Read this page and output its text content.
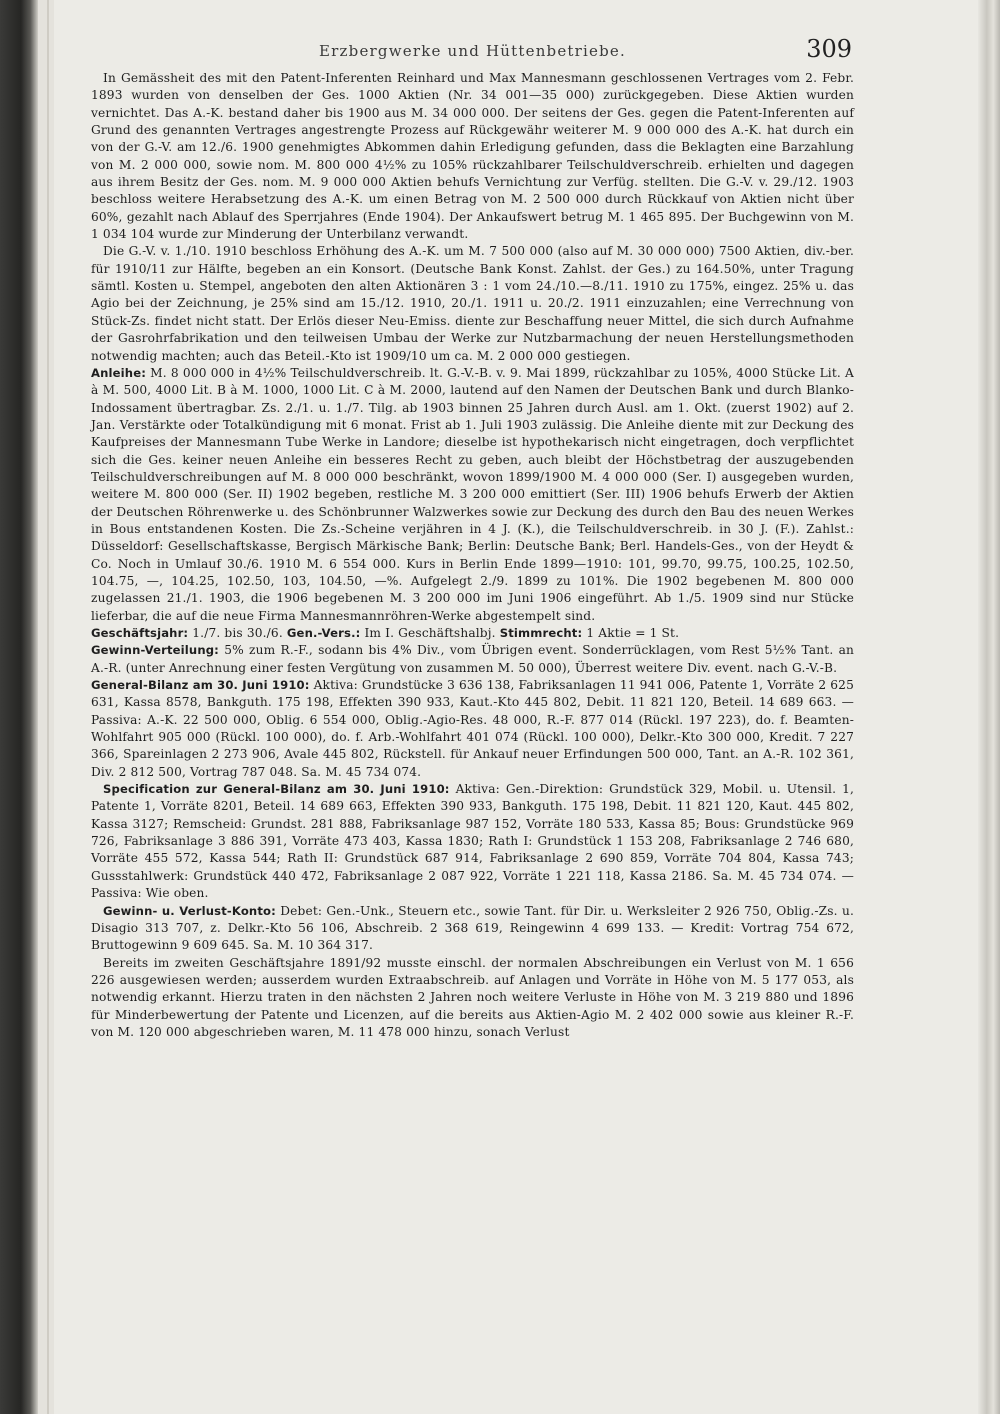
Erzbergwerke und Hüttenbetriebe.	309

In Gemässheit des mit den Patent-Inferenten Reinhard und Max Mannesmann geschlossenen Vertrages vom 2. Febr. 1893 wurden von denselben der Ges. 1000 Aktien (Nr. 34 001—35 000) zurückgegeben. Diese Aktien wurden vernichtet. Das A.-K. bestand daher bis 1900 aus M. 34 000 000. Der seitens der Ges. gegen die Patent-Inferenten auf Grund des genannten Vertrages angestrengte Prozess auf Rückgewähr weiterer M. 9 000 000 des A.-K. hat durch ein von der G.-V. am 12./6. 1900 genehmigtes Abkommen dahin Erledigung gefunden, dass die Beklagten eine Barzahlung von M. 2 000 000, sowie nom. M. 800 000 4½% zu 105% rückzahlbarer Teilschuldverschreib. erhielten und dagegen aus ihrem Besitz der Ges. nom. M. 9 000 000 Aktien behufs Vernichtung zur Verfüg. stellten. Die G.-V. v. 29./12. 1903 beschloss weitere Herabsetzung des A.-K. um einen Betrag von M. 2 500 000 durch Rückkauf von Aktien nicht über 60%, gezahlt nach Ablauf des Sperrjahres (Ende 1904). Der Ankaufswert betrug M. 1 465 895. Der Buchgewinn von M. 1 034 104 wurde zur Minderung der Unterbilanz verwandt.

Die G.-V. v. 1./10. 1910 beschloss Erhöhung des A.-K. um M. 7 500 000 (also auf M. 30 000 000) 7500 Aktien, div.-ber. für 1910/11 zur Hälfte, begeben an ein Konsort. (Deutsche Bank Konst. Zahlst. der Ges.) zu 164.50%, unter Tragung sämtl. Kosten u. Stempel, angeboten den alten Aktionären 3 : 1 vom 24./10.—8./11. 1910 zu 175%, eingez. 25% u. das Agio bei der Zeichnung, je 25% sind am 15./12. 1910, 20./1. 1911 u. 20./2. 1911 einzuzahlen; eine Verrechnung von Stück-Zs. findet nicht statt. Der Erlös dieser Neu-Emiss. diente zur Beschaffung neuer Mittel, die sich durch Aufnahme der Gasrohrfabrikation und den teilweisen Umbau der Werke zur Nutzbarmachung der neuen Herstellungsmethoden notwendig machten; auch das Beteil.-Kto ist 1909/10 um ca. M. 2 000 000 gestiegen.

Anleihe: M. 8 000 000 in 4½% Teilschuldverschreib. lt. G.-V.-B. v. 9. Mai 1899, rückzahlbar zu 105%, 4000 Stücke Lit. A à M. 500, 4000 Lit. B à M. 1000, 1000 Lit. C à M. 2000, lautend auf den Namen der Deutschen Bank und durch Blanko-Indossament übertragbar. Zs. 2./1. u. 1./7. Tilg. ab 1903 binnen 25 Jahren durch Ausl. am 1. Okt. (zuerst 1902) auf 2. Jan. Verstärkte oder Totalkündigung mit 6 monat. Frist ab 1. Juli 1903 zulässig. Die Anleihe diente mit zur Deckung des Kaufpreises der Mannesmann Tube Werke in Landore; dieselbe ist hypothekarisch nicht eingetragen, doch verpflichtet sich die Ges. keiner neuen Anleihe ein besseres Recht zu geben, auch bleibt der Höchstbetrag der auszugebenden Teilschuldverschreibungen auf M. 8 000 000 beschränkt, wovon 1899/1900 M. 4 000 000 (Ser. I) ausgegeben wurden, weitere M. 800 000 (Ser. II) 1902 begeben, restliche M. 3 200 000 emittiert (Ser. III) 1906 behufs Erwerb der Aktien der Deutschen Röhrenwerke u. des Schönbrunner Walzwerkes sowie zur Deckung des durch den Bau des neuen Werkes in Bous entstandenen Kosten. Die Zs.-Scheine verjähren in 4 J. (K.), die Teilschuldverschreib. in 30 J. (F.). Zahlst.: Düsseldorf: Gesellschaftskasse, Bergisch Märkische Bank; Berlin: Deutsche Bank; Berl. Handels-Ges., von der Heydt & Co. Noch in Umlauf 30./6. 1910 M. 6 554 000. Kurs in Berlin Ende 1899—1910: 101, 99.70, 99.75, 100.25, 102.50, 104.75, —, 104.25, 102.50, 103, 104.50, —%. Aufgelegt 2./9. 1899 zu 101%. Die 1902 begebenen M. 800 000 zugelassen 21./1. 1903, die 1906 begebenen M. 3 200 000 im Juni 1906 eingeführt. Ab 1./5. 1909 sind nur Stücke lieferbar, die auf die neue Firma Mannesmannröhren-Werke abgestempelt sind.

Geschäftsjahr: 1./7. bis 30./6. Gen.-Vers.: Im I. Geschäftshalbj. Stimmrecht: 1 Aktie = 1 St.

Gewinn-Verteilung: 5% zum R.-F., sodann bis 4% Div., vom Übrigen event. Sonderrücklagen, vom Rest 5½% Tant. an A.-R. (unter Anrechnung einer festen Vergütung von zusammen M. 50 000), Überrest weitere Div. event. nach G.-V.-B.

General-Bilanz am 30. Juni 1910: Aktiva: Grundstücke 3 636 138, Fabriksanlagen 11 941 006, Patente 1, Vorräte 2 625 631, Kassa 8578, Bankguth. 175 198, Effekten 390 933, Kaut.-Kto 445 802, Debit. 11 821 120, Beteil. 14 689 663. — Passiva: A.-K. 22 500 000, Oblig. 6 554 000, Oblig.-Agio-Res. 48 000, R.-F. 877 014 (Rückl. 197 223), do. f. Beamten-Wohlfahrt 905 000 (Rückl. 100 000), do. f. Arb.-Wohlfahrt 401 074 (Rückl. 100 000), Delkr.-Kto 300 000, Kredit. 7 227 366, Spareinlagen 2 273 906, Avale 445 802, Rückstell. für Ankauf neuer Erfindungen 500 000, Tant. an A.-R. 102 361, Div. 2 812 500, Vortrag 787 048. Sa. M. 45 734 074.

Specification zur General-Bilanz am 30. Juni 1910: Aktiva: Gen.-Direktion: Grundstück 329, Mobil. u. Utensil. 1, Patente 1, Vorräte 8201, Beteil. 14 689 663, Effekten 390 933, Bankguth. 175 198, Debit. 11 821 120, Kaut. 445 802, Kassa 3127; Remscheid: Grundst. 281 888, Fabriksanlage 987 152, Vorräte 180 533, Kassa 85; Bous: Grundstücke 969 726, Fabriksanlage 3 886 391, Vorräte 473 403, Kassa 1830; Rath I: Grundstück 1 153 208, Fabriksanlage 2 746 680, Vorräte 455 572, Kassa 544; Rath II: Grundstück 687 914, Fabriksanlage 2 690 859, Vorräte 704 804, Kassa 743; Gussstahlwerk: Grundstück 440 472, Fabriksanlage 2 087 922, Vorräte 1 221 118, Kassa 2186. Sa. M. 45 734 074. — Passiva: Wie oben.

Gewinn- u. Verlust-Konto: Debet: Gen.-Unk., Steuern etc., sowie Tant. für Dir. u. Werksleiter 2 926 750, Oblig.-Zs. u. Disagio 313 707, z. Delkr.-Kto 56 106, Abschreib. 2 368 619, Reingewinn 4 699 133. — Kredit: Vortrag 754 672, Bruttogewinn 9 609 645. Sa. M. 10 364 317.

Bereits im zweiten Geschäftsjahre 1891/92 musste einschl. der normalen Abschreibungen ein Verlust von M. 1 656 226 ausgewiesen werden; ausserdem wurden Extraabschreib. auf Anlagen und Vorräte in Höhe von M. 5 177 053, als notwendig erkannt. Hierzu traten in den nächsten 2 Jahren noch weitere Verluste in Höhe von M. 3 219 880 und 1896 für Minderbewertung der Patente und Licenzen, auf die bereits aus Aktien-Agio M. 2 402 000 sowie aus kleiner R.-F. von M. 120 000 abgeschrieben waren, M. 11 478 000 hinzu, sonach Verlust
